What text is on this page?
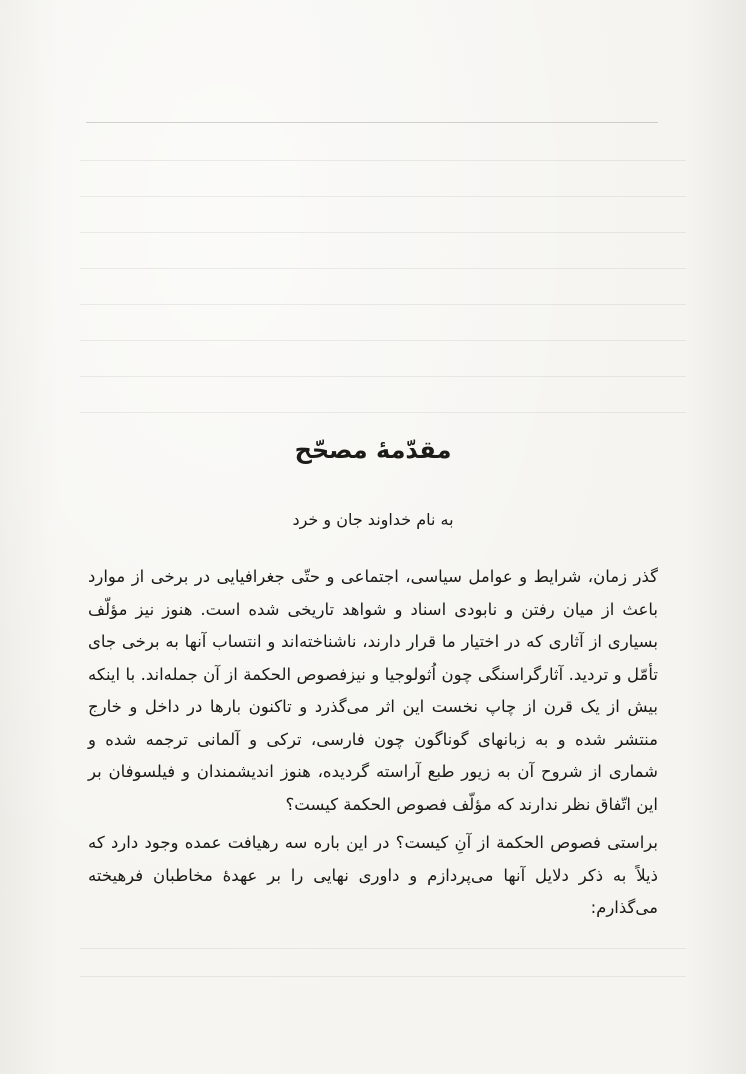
مقدّمهٔ مصحّح

به نام خداوند جان و خرد

گذر زمان، شرایط و عوامل سیاسی، اجتماعی و حتّی جغرافیایی در برخی از موارد باعث از میان رفتن و نابودی اسناد و شواهد تاریخی شده است. هنوز نیز مؤلّف بسیاری از آثاری که در اختیار ما قرار دارند، ناشناخته‌اند و انتساب آنها به برخی جای تأمّل و تردید. آثارگراسنگی چون اُثولوجیا و نیزفصوص الحکمة از آن جمله‌اند. با اینکه بیش از یک قرن از چاپ نخست این اثر می‌گذرد و تاکنون بارها در داخل و خارج منتشر شده و به زبانهای گوناگون چون فارسی، ترکی و آلمانی ترجمه شده و شماری از شروح آن به زیور طبع آراسته گردیده، هنوز اندیشمندان و فیلسوفان بر این اتّفاق نظر ندارند که مؤلّف فصوص الحکمة کیست؟

براستی فصوص الحکمة از آنِ کیست؟ در این باره سه رهیافت عمده وجود دارد که ذیلاً به ذکر دلایل آنها می‌پردازم و داوری نهایی را بر عهدهٔ مخاطبان فرهیخته می‌گذارم:
